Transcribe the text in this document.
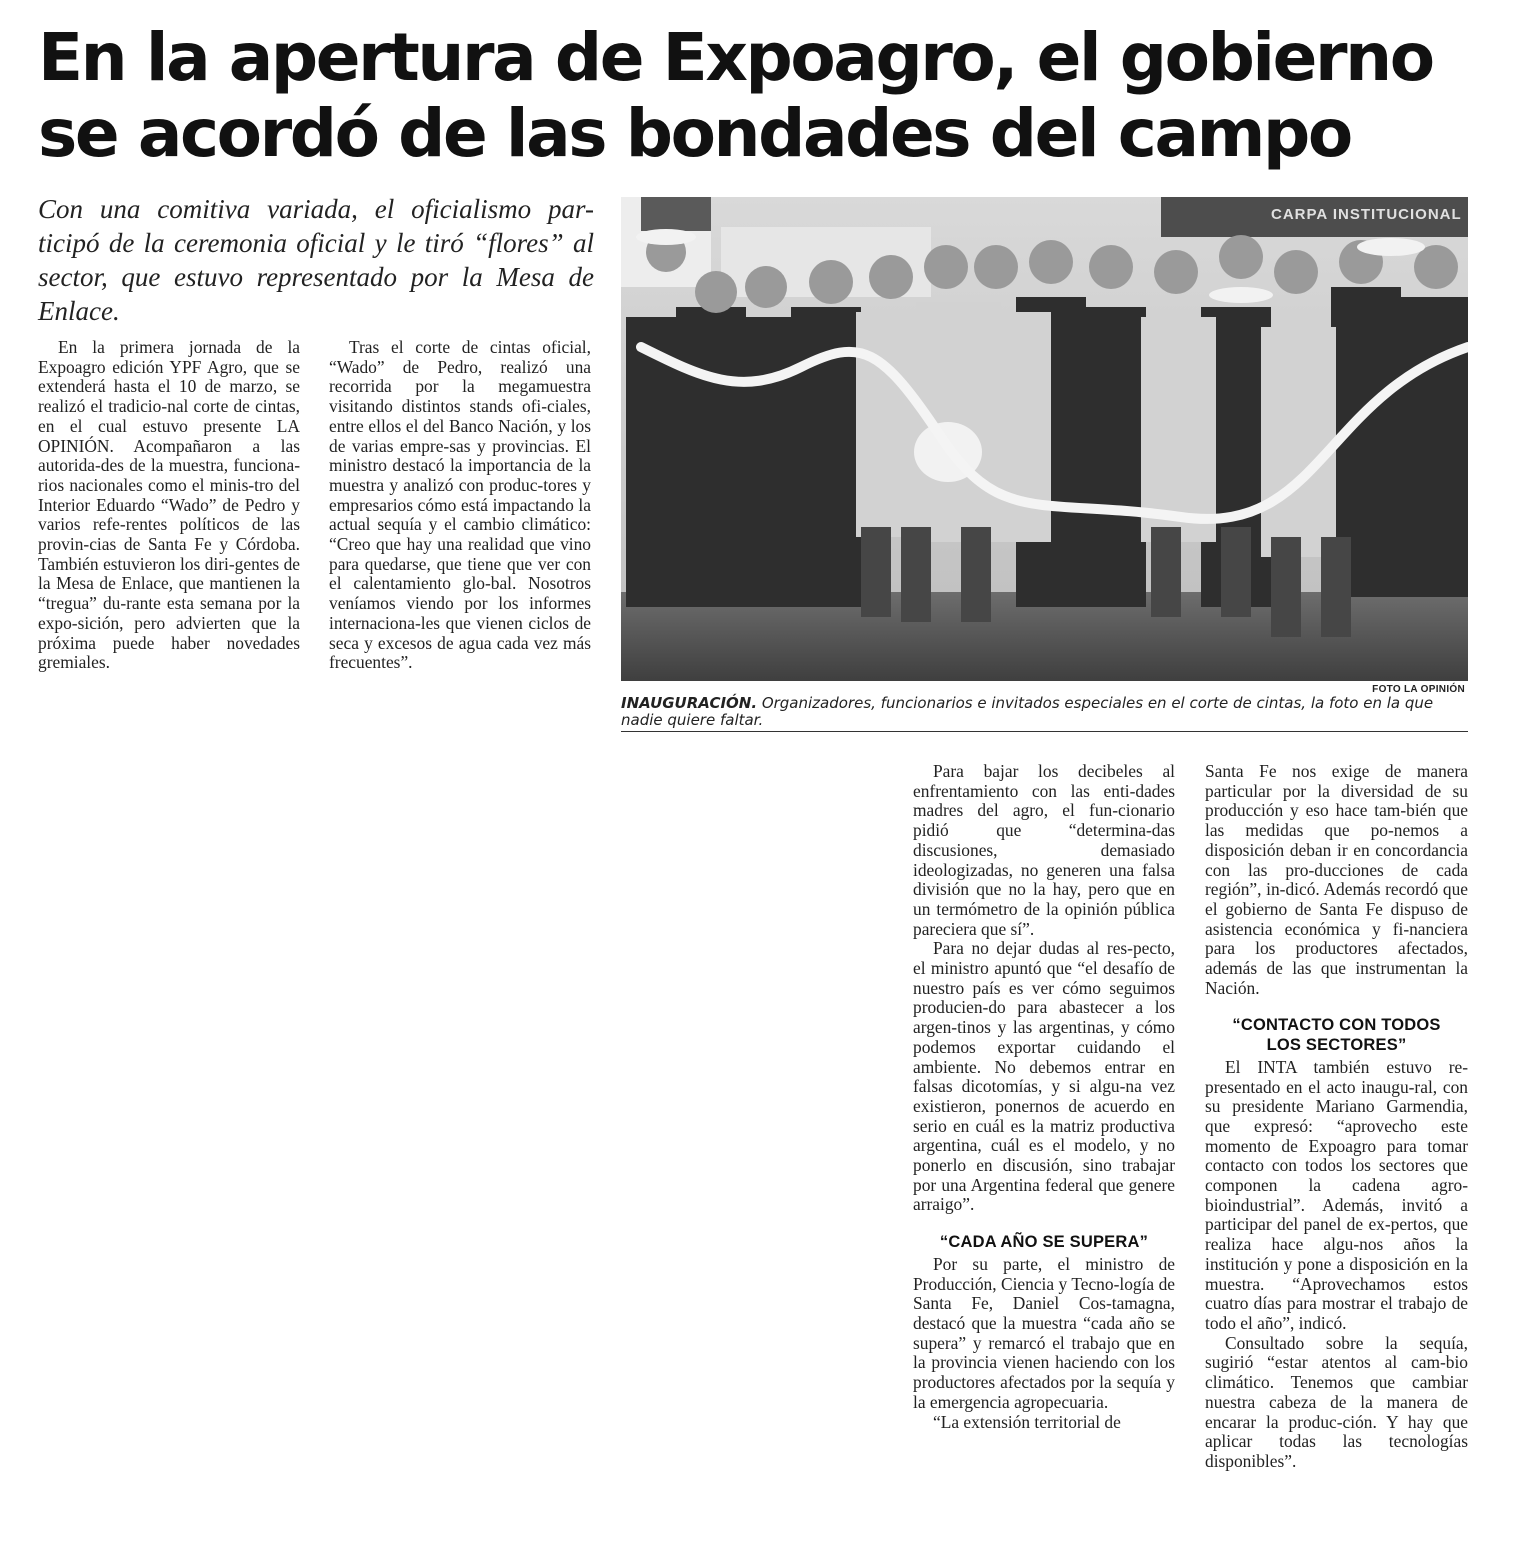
En la apertura de Expoagro, el gobierno se acordó de las bondades del campo

Con una comitiva variada, el oficialismo par-ticipó de la ceremonia oficial y le tiró “flores” al sector, que estuvo representado por la Mesa de Enlace.

En la primera jornada de la Expoagro edición YPF Agro, que se extenderá hasta el 10 de marzo, se realizó el tradicio-nal corte de cintas, en el cual estuvo presente LA OPINIÓN. Acompañaron a las autorida-des de la muestra, funciona-rios nacionales como el minis-tro del Interior Eduardo “Wado” de Pedro y varios refe-rentes políticos de las provin-cias de Santa Fe y Córdoba. También estuvieron los diri-gentes de la Mesa de Enlace, que mantienen la “tregua” du-rante esta semana por la expo-sición, pero advierten que la próxima puede haber novedades gremiales.

Tras el corte de cintas oficial, “Wado” de Pedro, realizó una recorrida por la megamuestra visitando distintos stands ofi-ciales, entre ellos el del Banco Nación, y los de varias empre-sas y provincias. El ministro destacó la importancia de la muestra y analizó con produc-tores y empresarios cómo está impactando la actual sequía y el cambio climático: “Creo que hay una realidad que vino para quedarse, que tiene que ver con el calentamiento glo-bal. Nosotros veníamos viendo por los informes internaciona-les que vienen ciclos de seca y excesos de agua cada vez más frecuentes”.

CARPA INSTITUCIONAL
FOTO LA OPINIÓN
INAUGURACIÓN. Organizadores, funcionarios e invitados especiales en el corte de cintas, la foto en la que nadie quiere faltar.

Para bajar los decibeles al enfrentamiento con las enti-dades madres del agro, el fun-cionario pidió que “determina-das discusiones, demasiado ideologizadas, no generen una falsa división que no la hay, pero que en un termómetro de la opinión pública pareciera que sí”.

Para no dejar dudas al res-pecto, el ministro apuntó que “el desafío de nuestro país es ver cómo seguimos producien-do para abastecer a los argen-tinos y las argentinas, y cómo podemos exportar cuidando el ambiente. No debemos entrar en falsas dicotomías, y si algu-na vez existieron, ponernos de acuerdo en serio en cuál es la matriz productiva argentina, cuál es el modelo, y no ponerlo en discusión, sino trabajar por una Argentina federal que genere arraigo”.

“CADA AÑO SE SUPERA”

Por su parte, el ministro de Producción, Ciencia y Tecno-logía de Santa Fe, Daniel Cos-tamagna, destacó que la muestra “cada año se supera” y remarcó el trabajo que en la provincia vienen haciendo con los productores afectados por la sequía y la emergencia agropecuaria.

“La extensión territorial de

Santa Fe nos exige de manera particular por la diversidad de su producción y eso hace tam-bién que las medidas que po-nemos a disposición deban ir en concordancia con las pro-ducciones de cada región”, in-dicó. Además recordó que el gobierno de Santa Fe dispuso de asistencia económica y fi-nanciera para los productores afectados, además de las que instrumentan la Nación.

“CONTACTO CON TODOS LOS SECTORES”

El INTA también estuvo re-presentado en el acto inaugu-ral, con su presidente Mariano Garmendia, que expresó: “aprovecho este momento de Expoagro para tomar contacto con todos los sectores que componen la cadena agro-bioindustrial”. Además, invitó a participar del panel de ex-pertos, que realiza hace algu-nos años la institución y pone a disposición en la muestra. “Aprovechamos estos cuatro días para mostrar el trabajo de todo el año”, indicó.

Consultado sobre la sequía, sugirió “estar atentos al cam-bio climático. Tenemos que cambiar nuestra cabeza de la manera de encarar la produc-ción. Y hay que aplicar todas las tecnologías disponibles”.
